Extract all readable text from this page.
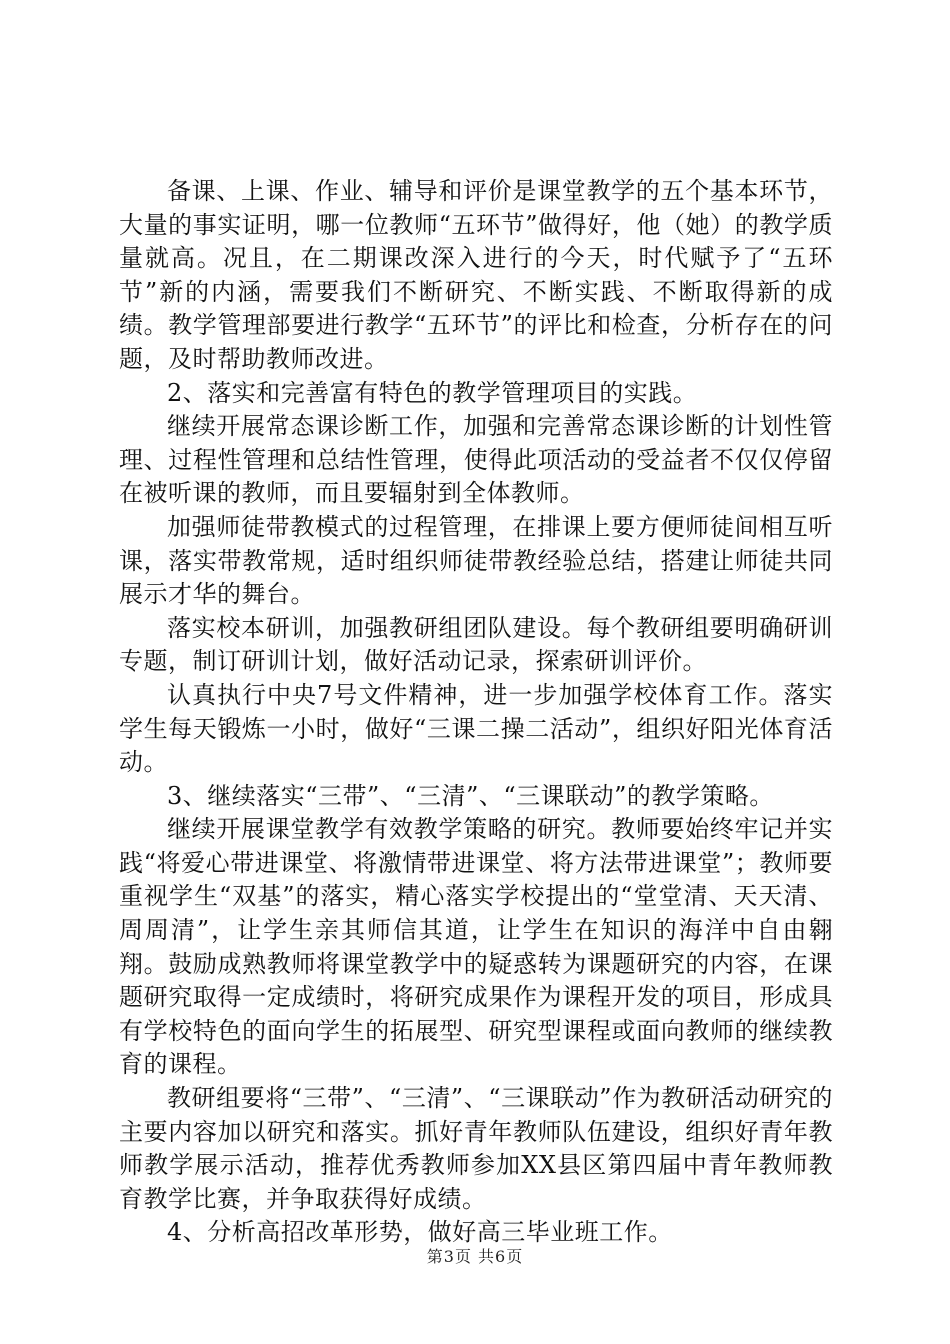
备课、上课、作业、辅导和评价是课堂教学的五个基本环节，大量的事实证明，哪一位教师“五环节”做得好，他（她）的教学质量就高。况且，在二期课改深入进行的今天，时代赋予了“五环节”新的内涵，需要我们不断研究、不断实践、不断取得新的成绩。教学管理部要进行教学“五环节”的评比和检查，分析存在的问题，及时帮助教师改进。

2、落实和完善富有特色的教学管理项目的实践。

继续开展常态课诊断工作，加强和完善常态课诊断的计划性管理、过程性管理和总结性管理，使得此项活动的受益者不仅仅停留在被听课的教师，而且要辐射到全体教师。

加强师徒带教模式的过程管理，在排课上要方便师徒间相互听课，落实带教常规，适时组织师徒带教经验总结，搭建让师徒共同展示才华的舞台。

落实校本研训，加强教研组团队建设。每个教研组要明确研训专题，制订研训计划，做好活动记录，探索研训评价。

认真执行中央7号文件精神，进一步加强学校体育工作。落实学生每天锻炼一小时，做好“三课二操二活动”，组织好阳光体育活动。

3、继续落实“三带”、“三清”、“三课联动”的教学策略。

继续开展课堂教学有效教学策略的研究。教师要始终牢记并实践“将爱心带进课堂、将激情带进课堂、将方法带进课堂”；教师要重视学生“双基”的落实，精心落实学校提出的“堂堂清、天天清、周周清”，让学生亲其师信其道，让学生在知识的海洋中自由翱翔。鼓励成熟教师将课堂教学中的疑惑转为课题研究的内容，在课题研究取得一定成绩时，将研究成果作为课程开发的项目，形成具有学校特色的面向学生的拓展型、研究型课程或面向教师的继续教育的课程。

教研组要将“三带”、“三清”、“三课联动”作为教研活动研究的主要内容加以研究和落实。抓好青年教师队伍建设，组织好青年教师教学展示活动，推荐优秀教师参加XX县区第四届中青年教师教育教学比赛，并争取获得好成绩。

4、分析高招改革形势，做好高三毕业班工作。

第3页 共6页
